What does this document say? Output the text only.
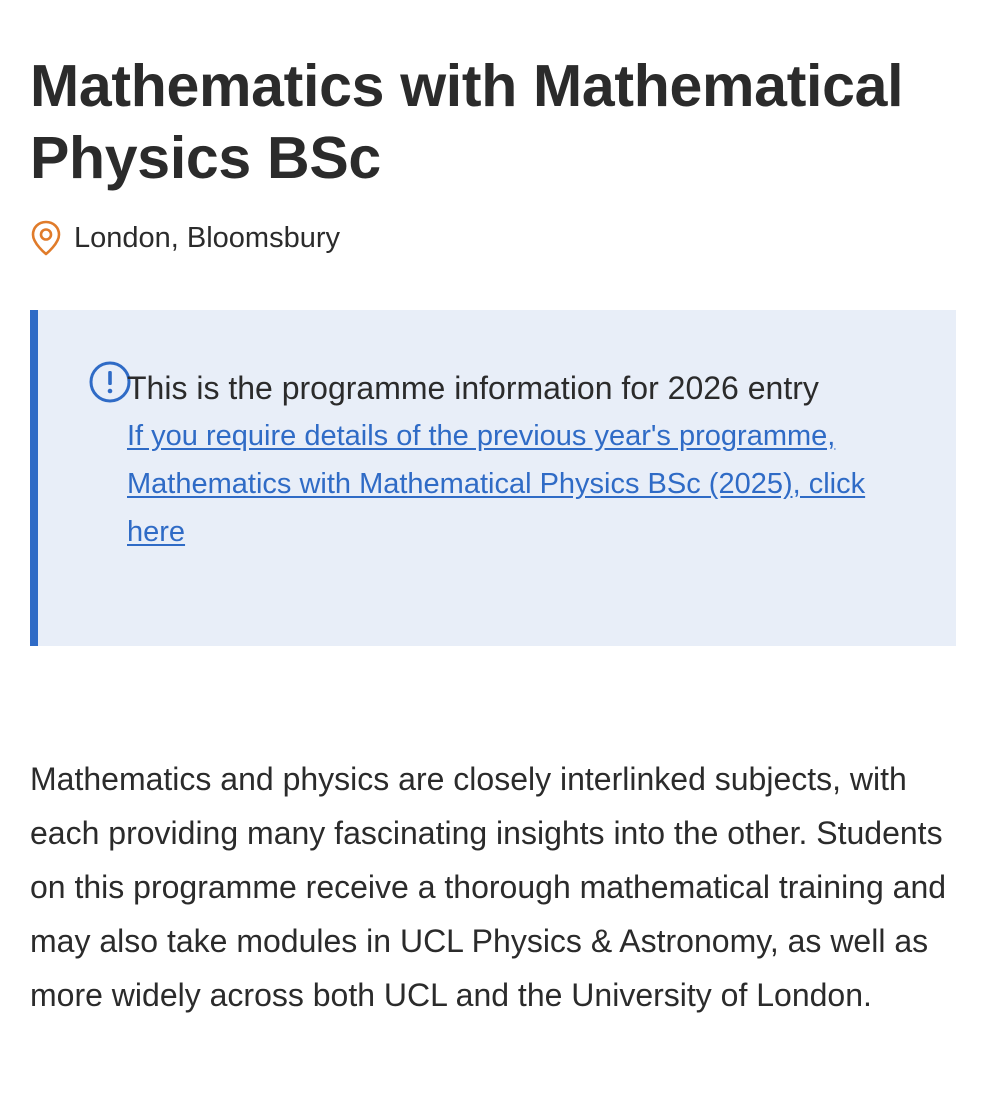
Mathematics with Mathematical Physics BSc
London, Bloomsbury
This is the programme information for 2026 entry
If you require details of the previous year's programme, Mathematics with Mathematical Physics BSc (2025), click here

Mathematics and physics are closely interlinked subjects, with each providing many fascinating insights into the other. Students on this programme receive a thorough mathematical training and may also take modules in UCL Physics & Astronomy, as well as more widely across both UCL and the University of London.
